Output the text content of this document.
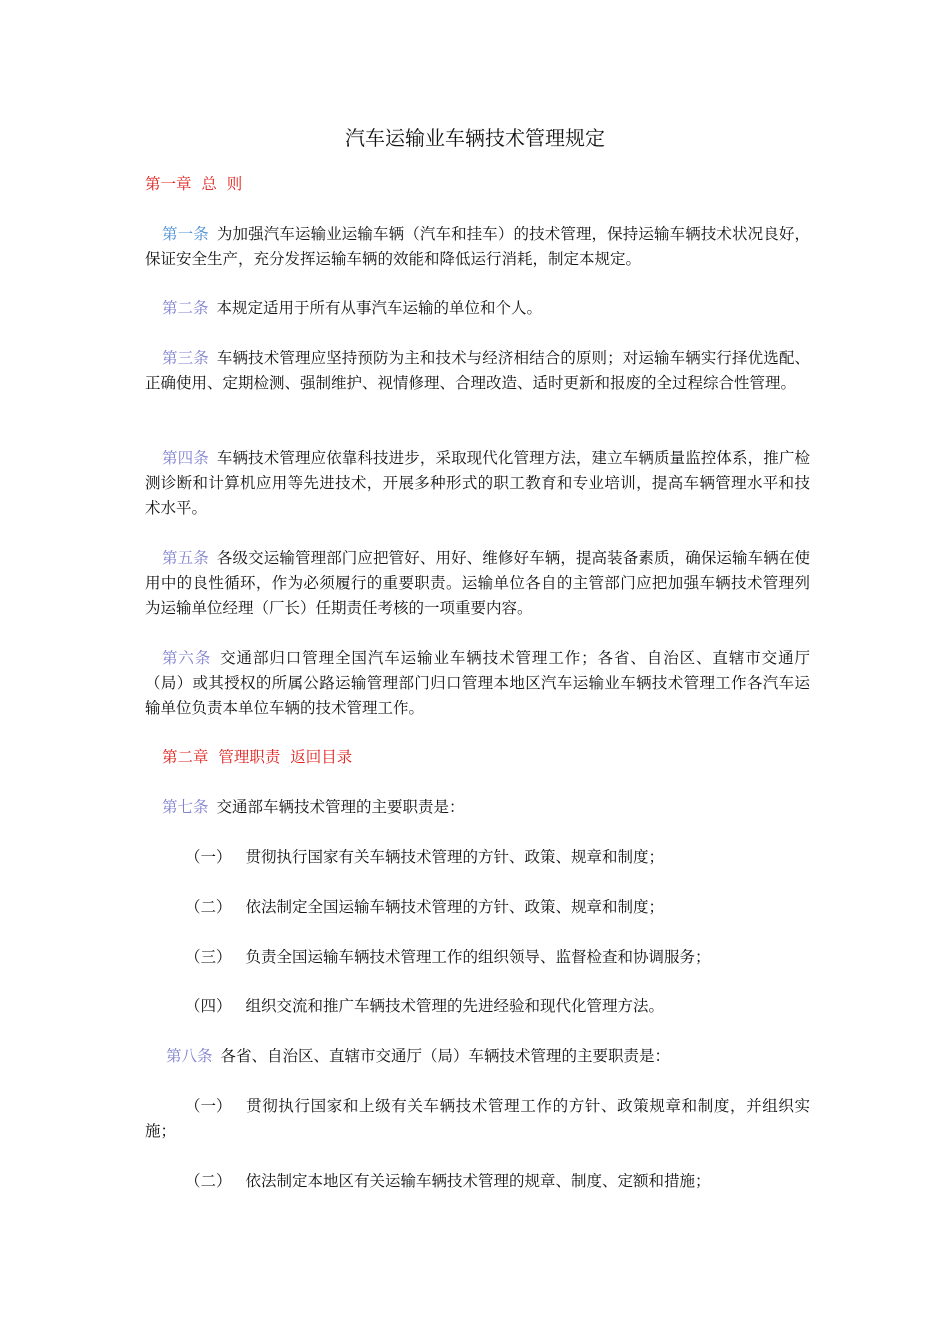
汽车运输业车辆技术管理规定
第一章  总  则
第一条 为加强汽车运输业运输车辆（汽车和挂车）的技术管理，保持运输车辆技术状况良好，保证安全生产，充分发挥运输车辆的效能和降低运行消耗，制定本规定。
第二条 本规定适用于所有从事汽车运输的单位和个人。
第三条 车辆技术管理应坚持预防为主和技术与经济相结合的原则；对运输车辆实行择优选配、正确使用、定期检测、强制维护、视情修理、合理改造、适时更新和报废的全过程综合性管理。
第四条 车辆技术管理应依靠科技进步，采取现代化管理方法，建立车辆质量监控体系，推广检测诊断和计算机应用等先进技术，开展多种形式的职工教育和专业培训，提高车辆管理水平和技术水平。
第五条 各级交运输管理部门应把管好、用好、维修好车辆，提高装备素质，确保运输车辆在使用中的良性循环，作为必须履行的重要职责。运输单位各自的主管部门应把加强车辆技术管理列为运输单位经理（厂长）任期责任考核的一项重要内容。
第六条 交通部归口管理全国汽车运输业车辆技术管理工作；各省、自治区、直辖市交通厅（局）或其授权的所属公路运输管理部门归口管理本地区汽车运输业车辆技术管理工作各汽车运输单位负责本单位车辆的技术管理工作。
第二章  管理职责  返回目录
第七条 交通部车辆技术管理的主要职责是：
（一） 贯彻执行国家有关车辆技术管理的方针、政策、规章和制度；
（二） 依法制定全国运输车辆技术管理的方针、政策、规章和制度；
（三） 负责全国运输车辆技术管理工作的组织领导、监督检查和协调服务；
（四） 组织交流和推广车辆技术管理的先进经验和现代化管理方法。
第八条 各省、自治区、直辖市交通厅（局）车辆技术管理的主要职责是：
（一） 贯彻执行国家和上级有关车辆技术管理工作的方针、政策规章和制度，并组织实施；
（二） 依法制定本地区有关运输车辆技术管理的规章、制度、定额和措施；
